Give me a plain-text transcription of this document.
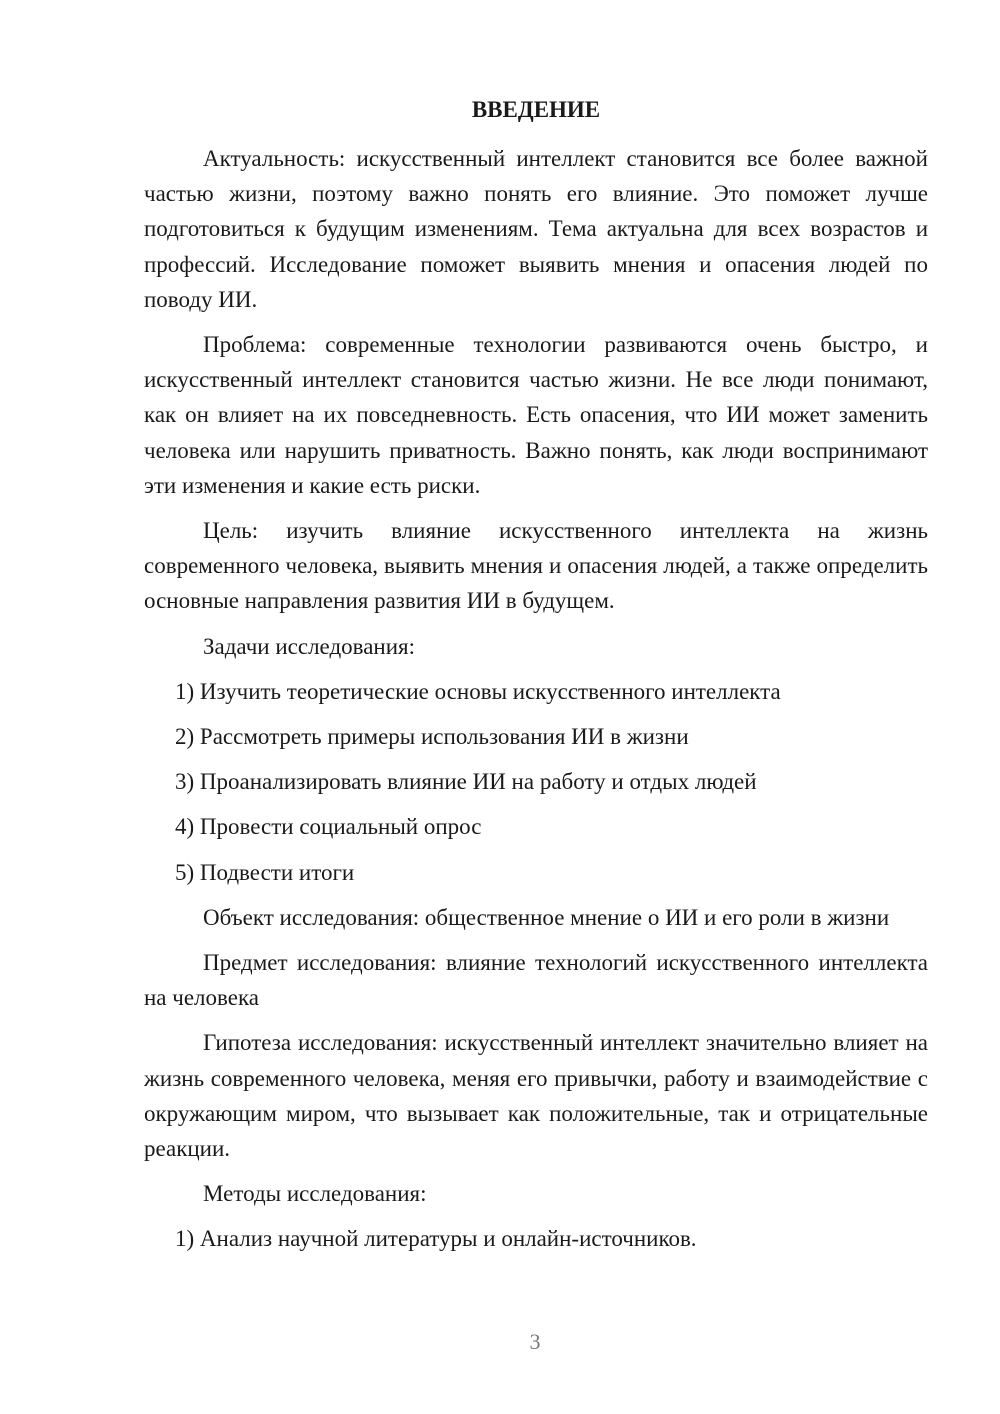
ВВЕДЕНИЕ

Актуальность: искусственный интеллект становится все более важной частью жизни, поэтому важно понять его влияние. Это поможет лучше подготовиться к будущим изменениям. Тема актуальна для всех возрастов и профессий. Исследование поможет выявить мнения и опасения людей по поводу ИИ.

Проблема: современные технологии развиваются очень быстро, и искусственный интеллект становится частью жизни. Не все люди понимают, как он влияет на их повседневность. Есть опасения, что ИИ может заменить человека или нарушить приватность. Важно понять, как люди воспринимают эти изменения и какие есть риски.

Цель: изучить влияние искусственного интеллекта на жизнь современного человека, выявить мнения и опасения людей, а также определить основные направления развития ИИ в будущем.

Задачи исследования:

1) Изучить теоретические основы искусственного интеллекта
2) Рассмотреть примеры использования ИИ в жизни
3) Проанализировать влияние ИИ на работу и отдых людей
4) Провести социальный опрос
5) Подвести итоги

Объект исследования: общественное мнение о ИИ и его роли в жизни

Предмет исследования: влияние технологий искусственного интеллекта на человека

Гипотеза исследования: искусственный интеллект значительно влияет на жизнь современного человека, меняя его привычки, работу и взаимодействие с окружающим миром, что вызывает как положительные, так и отрицательные реакции.

Методы исследования:

1) Анализ научной литературы и онлайн-источников.
3
